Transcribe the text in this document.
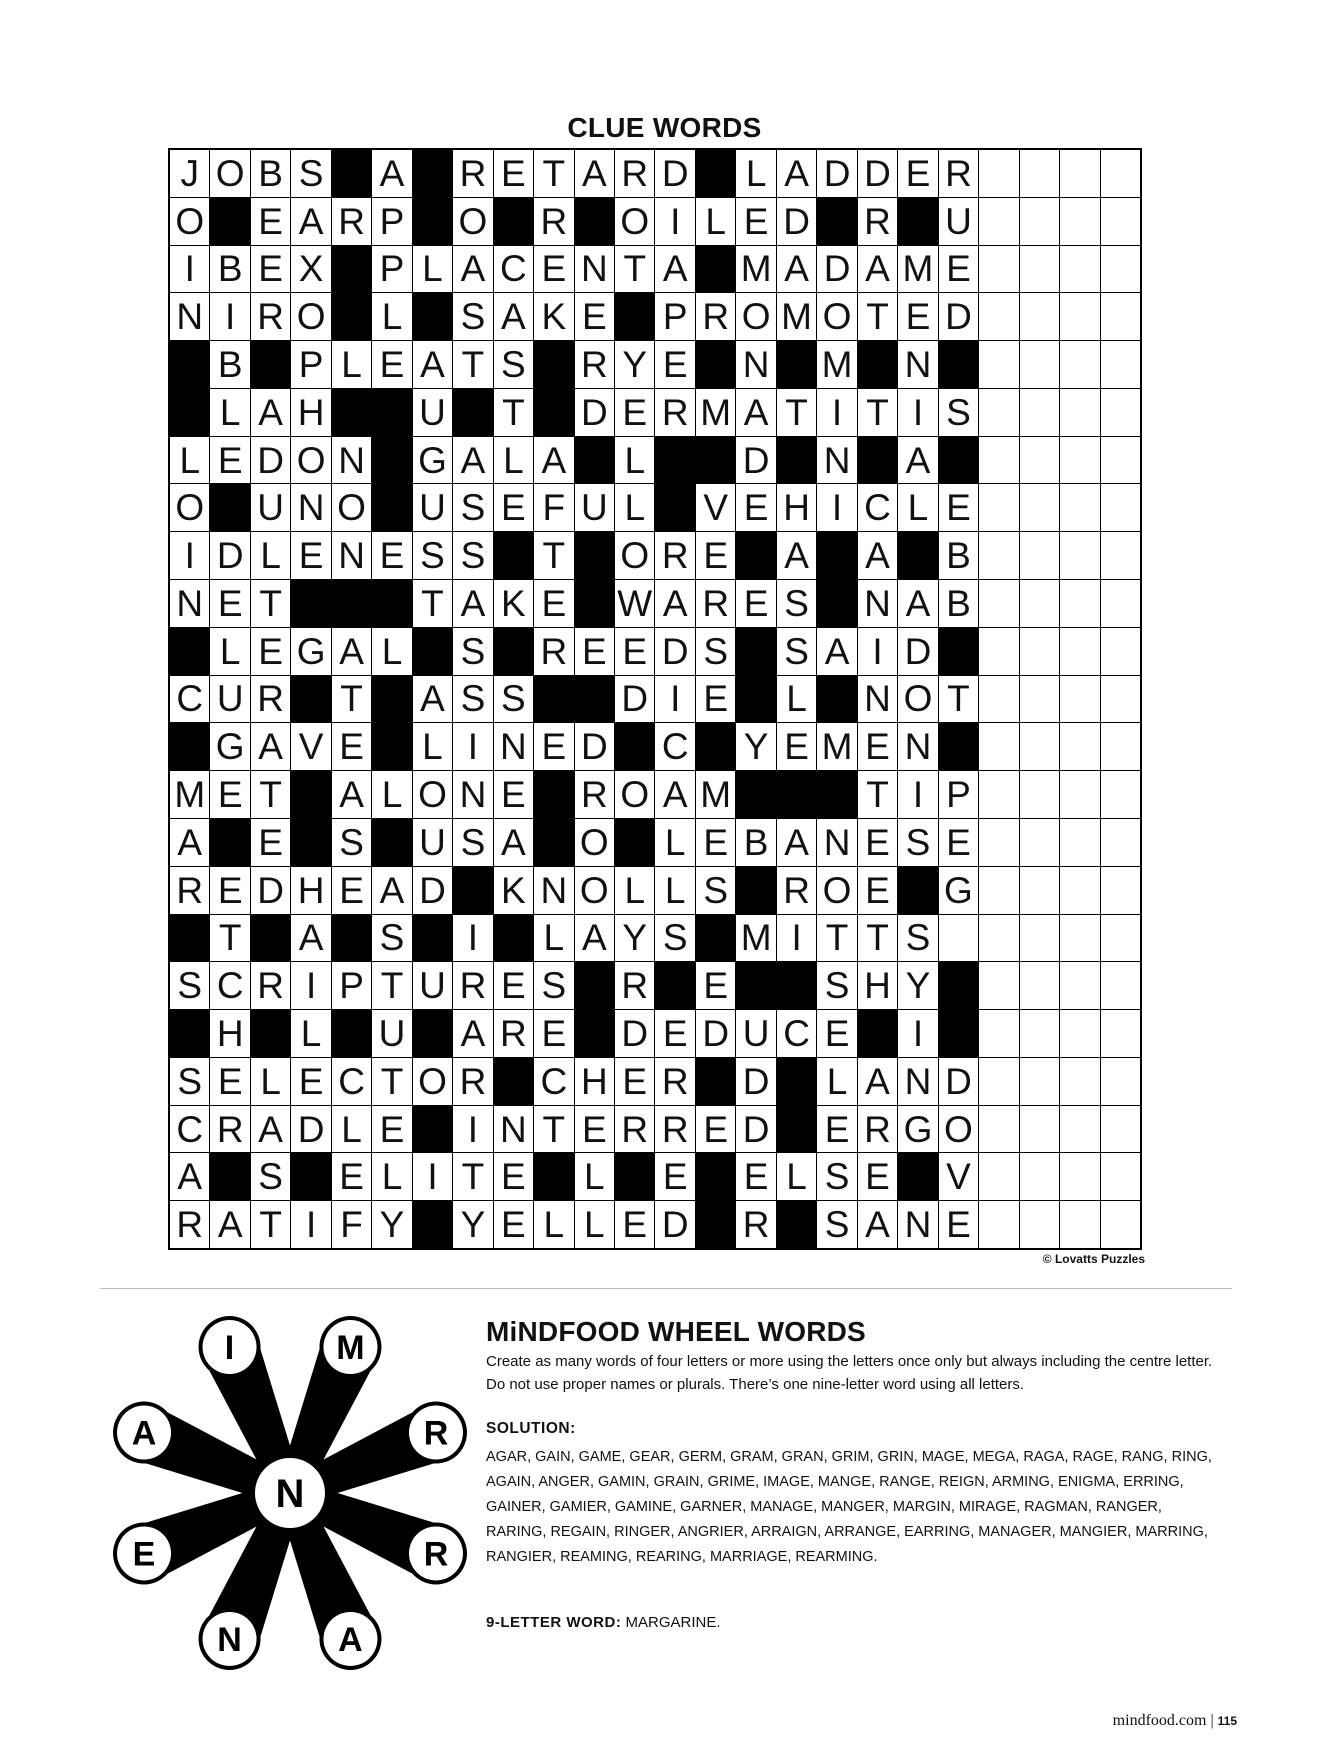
CLUE WORDS
J O B S A R E T A R D L A D D E R
O E A R P O R O I L E D R U
I B E X P L A C E N T A M A D A M E
N I R O L S A K E P R O M O T E D
B P L E A T S R Y E N M N
L A H	U T D E R M A T I T I S
L E D O N G A L A L	D N A
O U N O U S E F U L V E H I C L E
I D L E N E S S T O R E A A B
N E T	T A K E W A R E S N A B
L E G A L S R E E D S S A I D
C U R T A S S	D I E L N O T
G A V E L I N E D C Y E M E N
M E T A L O N E R O A M	T I P
A E S U S A O L E B A N E S E
R E D H E A D K N O L L S R O E G
T A S	I	L A Y S M I T T S
S C R I P T U R E S R E	S H Y
H L U A R E D E D U C E	I
S E L E C T O R C H E R D L A N D
C R A D L E	I N T E R R E D E R G O
A S E L I T E L E E L S E V
R A T I F Y Y E L L E D R S A N E
© Lovatts Puzzles
I	M
R
R
A
N
E
A
N
MiNDFOOD WHEEL WORDS
Create as many words of four letters or more using the letters once only but always including the centre letter. Do not use proper names or plurals. There’s one nine-letter word using all letters.
SOLUTION:
AGAR, GAIN, GAME, GEAR, GERM, GRAM, GRAN, GRIM, GRIN, MAGE, MEGA, RAGA, RAGE, RANG, RING, AGAIN, ANGER, GAMIN, GRAIN, GRIME, IMAGE, MANGE, RANGE, REIGN, ARMING, ENIGMA, ERRING, GAINER, GAMIER, GAMINE, GARNER, MANAGE, MANGER, MARGIN, MIRAGE, RAGMAN, RANGER, RARING, REGAIN, RINGER, ANGRIER, ARRAIGN, ARRANGE, EARRING, MANAGER, MANGIER, MARRING, RANGIER, REAMING, REARING, MARRIAGE, REARMING.
9-LETTER WORD: MARGARINE.
mindfood.com | 115
